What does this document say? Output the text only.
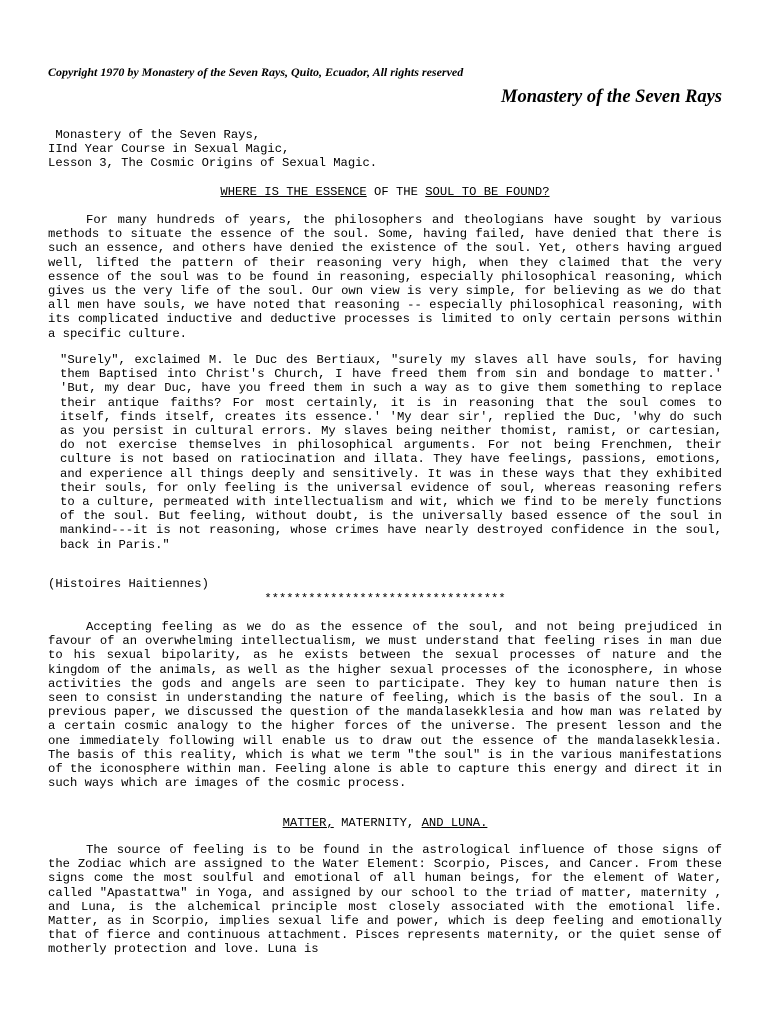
Copyright 1970 by Monastery of the Seven Rays, Quito, Ecuador, All rights reserved
Monastery of the Seven Rays
Monastery of the Seven Rays,
IInd Year Course in Sexual Magic,
Lesson 3, The Cosmic Origins of Sexual Magic.
WHERE IS THE ESSENCE OF THE SOUL TO BE FOUND?
For many hundreds of years, the philosophers and theologians have sought by various methods to situate the essence of the soul. Some, having failed, have denied that there is such an essence, and others have denied the existence of the soul. Yet, others having argued well, lifted the pattern of their reasoning very high, when they claimed that the very essence of the soul was to be found in reasoning, especially philosophical reasoning, which gives us the very life of the soul. Our own view is very simple, for believing as we do that all men have souls, we have noted that reasoning -- especially philosophical reasoning, with its complicated inductive and deductive processes is limited to only certain persons within a specific culture.
"Surely", exclaimed M. le Duc des Bertiaux, "surely my slaves all have souls, for having them Baptised into Christ's Church, I have freed them from sin and bondage to matter.' 'But, my dear Duc, have you freed them in such a way as to give them something to replace their antique faiths? For most certainly, it is in reasoning that the soul comes to itself, finds itself, creates its essence.' 'My dear sir', replied the Duc, 'why do such as you persist in cultural errors. My slaves being neither thomist, ramist, or cartesian, do not exercise themselves in philosophical arguments. For not being Frenchmen, their culture is not based on ratiocination and illata. They have feelings, passions, emotions, and experience all things deeply and sensitively. It was in these ways that they exhibited their souls, for only feeling is the universal evidence of soul, whereas reasoning refers to a culture, permeated with intellectualism and wit, which we find to be merely functions of the soul. But feeling, without doubt, is the universally based essence of the soul in mankind---it is not reasoning, whose crimes have nearly destroyed confidence in the soul, back in Paris."
(Histoires Haitiennes)
*********************************
Accepting feeling as we do as the essence of the soul, and not being prejudiced in favour of an overwhelming intellectualism, we must understand that feeling rises in man due to his sexual bipolarity, as he exists between the sexual processes of nature and the kingdom of the animals, as well as the higher sexual processes of the iconosphere, in whose activities the gods and angels are seen to participate. They key to human nature then is seen to consist in understanding the nature of feeling, which is the basis of the soul. In a previous paper, we discussed the question of the mandalasekklesia and how man was related by a certain cosmic analogy to the higher forces of the universe. The present lesson and the one immediately following will enable us to draw out the essence of the mandalasekklesia. The basis of this reality, which is what we term "the soul" is in the various manifestations of the iconosphere within man. Feeling alone is able to capture this energy and direct it in such ways which are images of the cosmic process.
MATTER, MATERNITY, AND LUNA.
The source of feeling is to be found in the astrological influence of those signs of the Zodiac which are assigned to the Water Element: Scorpio, Pisces, and Cancer. From these signs come the most soulful and emotional of all human beings, for the element of Water, called "Apastattwa" in Yoga, and assigned by our school to the triad of matter, maternity , and Luna, is the alchemical principle most closely associated with the emotional life. Matter, as in Scorpio, implies sexual life and power, which is deep feeling and emotionally that of fierce and continuous attachment. Pisces represents maternity, or the quiet sense of motherly protection and love. Luna is
